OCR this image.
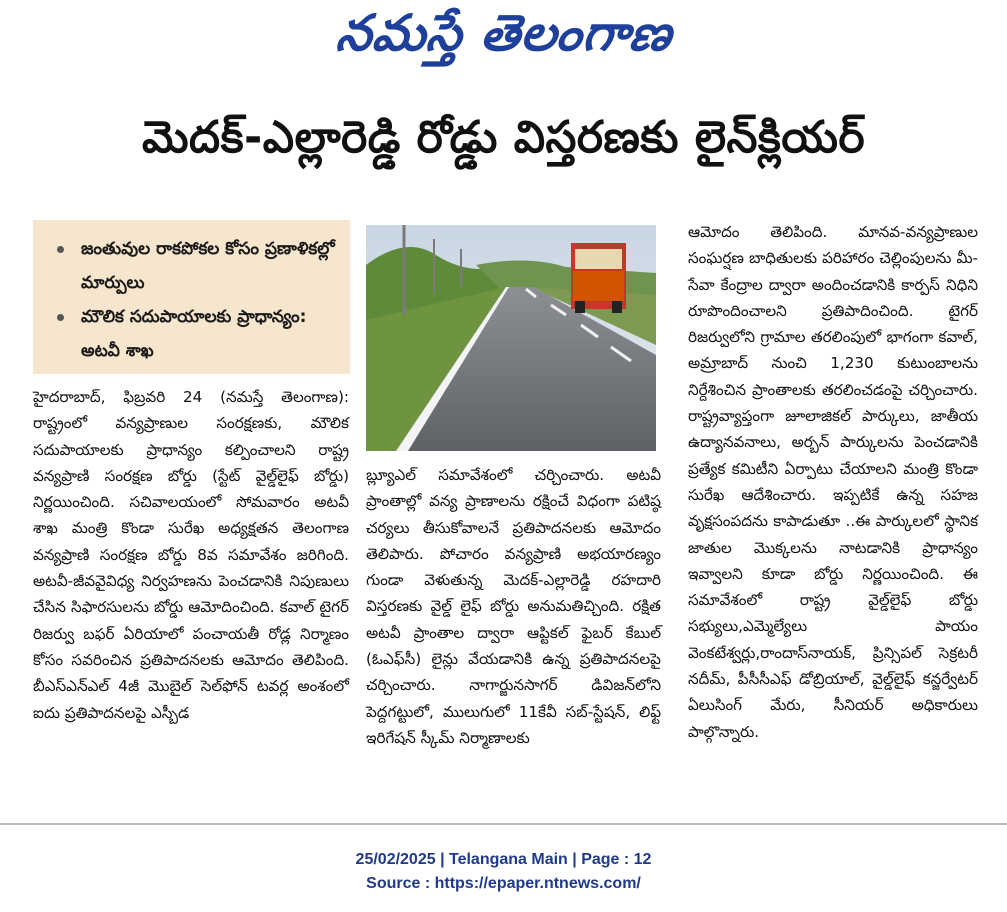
నమస్తే తెలంగాణ
మెదక్‌-ఎల్లారెడ్డి రోడ్డు విస్తరణకు లైన్‌క్లియర్‌
జంతువుల రాకపోకల కోసం ప్రణాళికల్లో మార్పులు
మౌలిక సదుపాయాలకు ప్రాధాన్యం: అటవీ శాఖ

హైదరాబాద్‌, ఫిబ్రవరి 24 (నమస్తే తెలంగాణ): రాష్ట్రంలో వన్యప్రాణుల సంరక్షణకు, మౌలిక సదుపాయాలకు ప్రాధాన్యం కల్పించాలని రాష్ట్ర వన్యప్రాణి సంరక్షణ బోర్డు (స్టేట్‌ వైల్డ్‌లైఫ్‌ బోర్డు) నిర్ణయించింది. సచివాలయంలో సోమవారం అటవీ శాఖ మంత్రి కొండా సురేఖ అధ్యక్షతన తెలంగాణ వన్యప్రాణి సంరక్షణ బోర్డు 8వ సమావేశం జరిగింది. అటవీ-జీవవైవిధ్య నిర్వహణను పెంచడానికి నిపుణులు చేసిన సిఫారసులను బోర్డు ఆమోదించింది. కవాల్‌ టైగర్‌ రిజర్వు బఫర్‌ ఏరియాలో పంచాయతీ రోడ్ల నిర్మాణం కోసం సవరించిన ప్రతిపాదనలకు ఆమోదం తెలిపింది. బీఎస్‌ఎన్‌ఎల్‌ 4జీ మొబైల్‌ సెల్‌ఫోన్‌ టవర్ల అంశంలో ఐదు ప్రతిపాదనలపై ఎస్బీడ

బ్ల్యూఎల్‌ సమావేశంలో చర్చించారు. అటవీ ప్రాంతాల్లో వన్య ప్రాణాలను రక్షించే విధంగా పటిష్ఠ చర్యలు తీసుకోవాలనే ప్రతిపాదనలకు ఆమోదం తెలిపారు. పోచారం వన్యప్రాణి అభయారణ్యం గుండా వెళుతున్న మెదక్‌-ఎల్లారెడ్డి రహదారి విస్తరణకు వైల్డ్‌ లైఫ్‌ బోర్డు అనుమతిచ్చింది. రక్షిత అటవీ ప్రాంతాల ద్వారా ఆప్టికల్‌ ఫైబర్‌ కేబుల్‌ (ఓఎఫ్‌సీ) లైన్లు వేయడానికి ఉన్న ప్రతిపాదనలపై చర్చించారు. నాగార్జునసాగర్‌ డివిజన్‌లోని పెద్దగట్టులో, ములుగులో 11కేవీ సబ్‌-స్టేషన్‌, లిఫ్ట్‌ ఇరిగేషన్‌ స్కీమ్‌ నిర్మాణాలకు

ఆమోదం తెలిపింది. మానవ-వన్యప్రాణుల సంఘర్షణ బాధితులకు పరిహారం చెల్లింపులను మీ-సేవా కేంద్రాల ద్వారా అందించడానికి కార్పస్‌ నిధిని రూపొందించాలని ప్రతిపాదించింది. టైగర్‌ రిజర్వులోని గ్రామాల తరలింపులో భాగంగా కవాల్‌, అమ్రాబాద్‌ నుంచి 1,230 కుటుంబాలను నిర్దేశించిన ప్రాంతాలకు తరలించడంపై చర్చించారు. రాష్ట్రవ్యాప్తంగా జూలాజికల్‌ పార్కులు, జాతీయ ఉద్యానవనాలు, అర్బన్‌ పార్కులను పెంచడానికి ప్రత్యేక కమిటీని ఏర్పాటు చేయాలని మంత్రి కొండా సురేఖ ఆదేశించారు. ఇప్పటికే ఉన్న సహజ వృక్షసంపదను కాపాడుతూ ..ఈ పార్కులలో స్థానిక జాతుల మొక్కలను నాటడానికి ప్రాధాన్యం ఇవ్వాలని కూడా బోర్డు నిర్ణయించింది. ఈ సమావేశంలో రాష్ట్ర వైల్డ్‌లైఫ్‌ బోర్డు సభ్యులు,ఎమ్మెల్యేలు పాయం వెంకటేశ్వర్లు,రాందాస్‌నాయక్‌, ప్రిన్సిపల్‌ సెక్రటరీ నదీమ్‌, పీసీసీఎఫ్‌ డోబ్రియాల్‌, వైల్డ్‌లైఫ్‌ కన్జర్వేటర్‌ ఏలుసింగ్‌ మేరు, సీనియర్‌ అధికారులు పాల్గొన్నారు.

25/02/2025 | Telangana Main | Page : 12
Source : https://epaper.ntnews.com/
